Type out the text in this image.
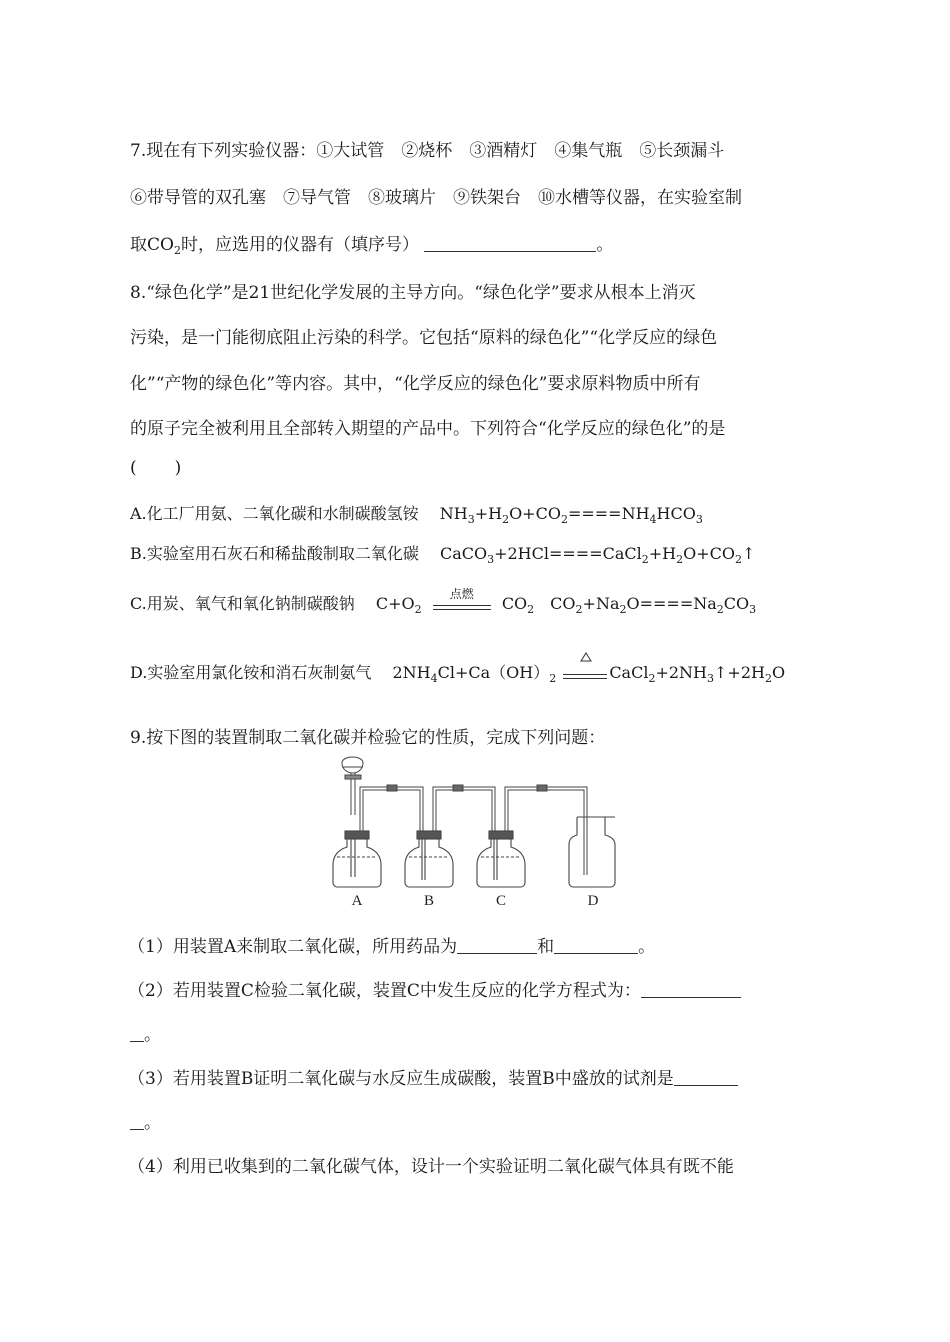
7.现在有下列实验仪器：①大试管　②烧杯　③酒精灯　④集气瓶　⑤长颈漏斗
⑥带导管的双孔塞　⑦导气管　⑧玻璃片　⑨铁架台　⑩水槽等仪器，在实验室制
取$CO_2$时，应选用的仪器有（填序号）	。
8.“绿色化学”是21世纪化学发展的主导方向。“绿色化学”要求从根本上消灭
污染，是一门能彻底阻止污染的科学。它包括“原料的绿色化”“化学反应的绿色
化”“产物的绿色化”等内容。其中，“化学反应的绿色化”要求原料物质中所有
的原子完全被利用且全部转入期望的产品中。下列符合“化学反应的绿色化”的是
( )
A.化工厂用氨、二氧化碳和水制碳酸氢铵　 $NH_3+H_2O+CO_2====NH_4HCO_3$
B.实验室用石灰石和稀盐酸制取二氧化碳　 $CaCO_3+2HCl====CaCl_2+H_2O+CO_2↑$
C.用炭、氧气和氧化钠制碳酸钠　 $C+O_2$
点燃	$CO_2$　$CO_2+Na_2O====Na_2CO_3$
D.实验室用氯化铵和消石灰制氨气　 $2NH_4Cl+Ca(OH)_2$	$CaCl_2+2NH_3↑+2H_2O$
9.按下图的装置制取二氧化碳并检验它的性质，完成下列问题：
A	B	C	D
（1）用装置A来制取二氧化碳，所用药品为	和	。
（2）若用装置C检验二氧化碳，装置C中发生反应的化学方程式为：
。
（3）若用装置B证明二氧化碳与水反应生成碳酸，装置B中盛放的试剂是
。
（4）利用已收集到的二氧化碳气体，设计一个实验证明二氧化碳气体具有既不能
